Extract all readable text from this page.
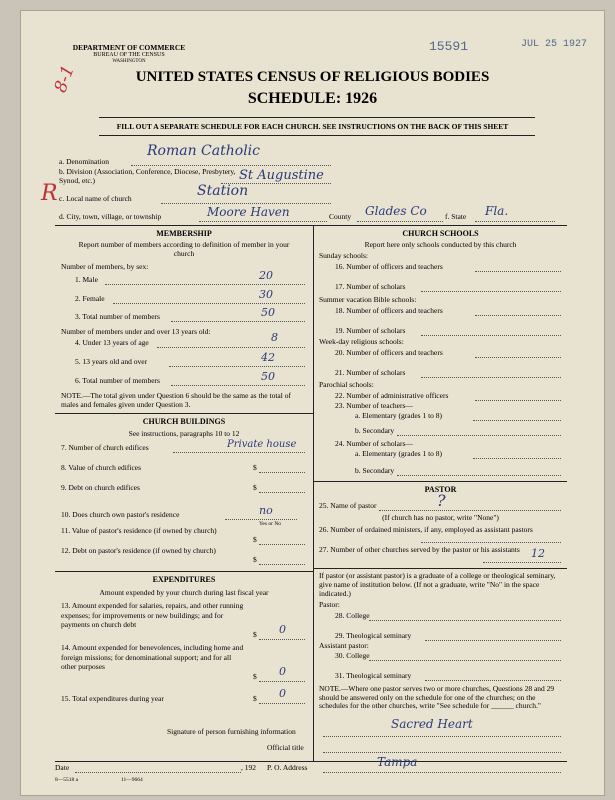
DEPARTMENT OF COMMERCE
BUREAU OF THE CENSUS
WASHINGTON
15591	JUL 25 1927
8-1
R
UNITED STATES CENSUS OF RELIGIOUS BODIES
SCHEDULE: 1926
FILL OUT A SEPARATE SCHEDULE FOR EACH CHURCH. SEE INSTRUCTIONS ON THE BACK OF THIS SHEET
a. Denomination
Roman Catholic
b. Division (Association, Conference, Diocese, Presbytery, Synod, etc.)	St Augustine
c. Local name of church	Station
d. City, town, village, or township	Moore Haven	County Glades Co f. State Fla.
MEMBERSHIP
Report number of members according to definition of member in your church
Number of members, by sex:
1. Male	20
2. Female	30
3. Total number of members	50
Number of members under and over 13 years old:
4. Under 13 years of age	8
5. 13 years old and over	42
6. Total number of members	50
NOTE.—The total given under Question 6 should be the same as the total of males and females given under Question 3.
CHURCH BUILDINGS
See instructions, paragraphs 10 to 12
7. Number of church edifices	Private house
8. Value of church edifices	$
9. Debt on church edifices	$
10. Does church own pastor's residence	no
Yes or No
11. Value of pastor's residence (if owned by church)
$
12. Debt on pastor's residence (if owned by church)
$
EXPENDITURES
Amount expended by your church during last fiscal year
13. Amount expended for salaries, repairs, and other running expenses; for improvements or new buildings; and for payments on church debt
$ 0
14. Amount expended for benevolences, including home and foreign missions; for denominational support; and for all other purposes
$ 0
15. Total expenditures during year	$ 0
CHURCH SCHOOLS
Report here only schools conducted by this church
Sunday schools:
16. Number of officers and teachers
17. Number of scholars
Summer vacation Bible schools:
18. Number of officers and teachers
19. Number of scholars
Week-day religious schools:
20. Number of officers and teachers
21. Number of scholars
Parochial schools:
22. Number of administrative officers
23. Number of teachers—
a. Elementary (grades 1 to 8)
b. Secondary
24. Number of scholars—
a. Elementary (grades 1 to 8)
b. Secondary
PASTOR
25. Name of pastor	?
(If church has no pastor, write "None")
26. Number of ordained ministers, if any, employed as assistant pastors
27. Number of other churches served by the pastor or his assistants	12
If pastor (or assistant pastor) is a graduate of a college or theological seminary, give name of institution below. (If not a graduate, write "No" in the space indicated.)
Pastor:
28. College
29. Theological seminary
Assistant pastor:
30. College
31. Theological seminary
NOTE.—Where one pastor serves two or more churches, Questions 28 and 29 should be answered only on the schedule for one of the churches; on the schedules for the other churches, write "See schedule for ______ church."
Signature of person furnishing information
Sacred Heart
Official title
Date	, 192 P. O. Address	Tampa
8—5518 a	11—9664
